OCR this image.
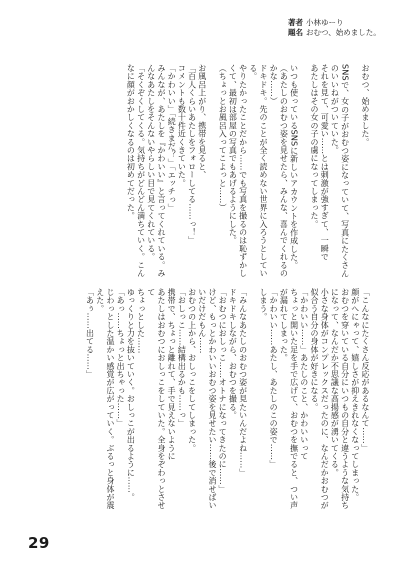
著者 小林ゆーり
題名 おむつ、始めました。
おむつ、始めました。
SNSで、女の子がおむつ姿になっていて、写真にたくさんのいいねがついていた。
それを見て、可愛い……とは刺激が強すぎて、一瞬で
あたしはその女の子の虜になってしまった。
いつも使っているSNSに新しいアカウントを作成した。
（あたしのおむつ姿を見せたら、みんな、喜んでくれるのかな……）
ドキドキ。先のことが全く読めない世界に入ろうとしている。
やりたかったことだから……でも写真を撮るのは恥ずかしくて、最初は部屋の写真でもあげるようにした。
（ちょっとお風呂入ってこよっと……）
お風呂上がり、携帯を見ると、
「百人くらいあたしをフォローしてる……っ！」
コメントも数十件近くきていた。
「かわいい」「続きまだ？」「エッチっ」
みんなが、あたしを『かわいい』と言ってくれている。みんなあたしをそんないやらしい目で見てくれている。
「そくぞくしてくる。気持ちがどんどん満ちていく。こんなに顔がおかしくなるのは初めてだった。
「こんなにたくさん反応があるなんて……」
顔がへにゃって、嬉しさが抑えきれなくなってしまった。
おむつを穿いている自分にいつもの自分と違うような気持ちになって、なんだか不思議な高揚感が湧いてくる。
小さな身体がコンプレックスだったのに、なんだかおむつが似合う自分の身体が好きになる。
「かわいい……」あたしのこと、かわいいって
ちょっと開いた足を手で広げて、おむつを撫でると、つい声が漏れてしまった。
「かわいい……あたし、あたしのこの姿で……」
しまう。
「みんなあたしのおむつ姿が見たいんだよね……」
ドキドキしながら、おむつを撮る。
「おむつにおしっこ……オトナになってきたのに……」
けど、もっとかわいいおむつ姿を見せたい……後で消せばいいだけだもん……
おむつの上から、おしっこをしてしまった。
「おしっこ……結構出るかも……っ」
携帯で、ちょっと離れて、手で見えないように
あたしはおむつにおしっこをしていた。全身をぞわっとさせて
ちょっとした……
ゆっくりと力を抜いていく。おしっこが出るように……。
「あっ……ちょっと出ちゃった……」
じわっとした温かい感覚が広がっていく。ぶるっと身体が震えた。
「あぅ……出てる……」
29
